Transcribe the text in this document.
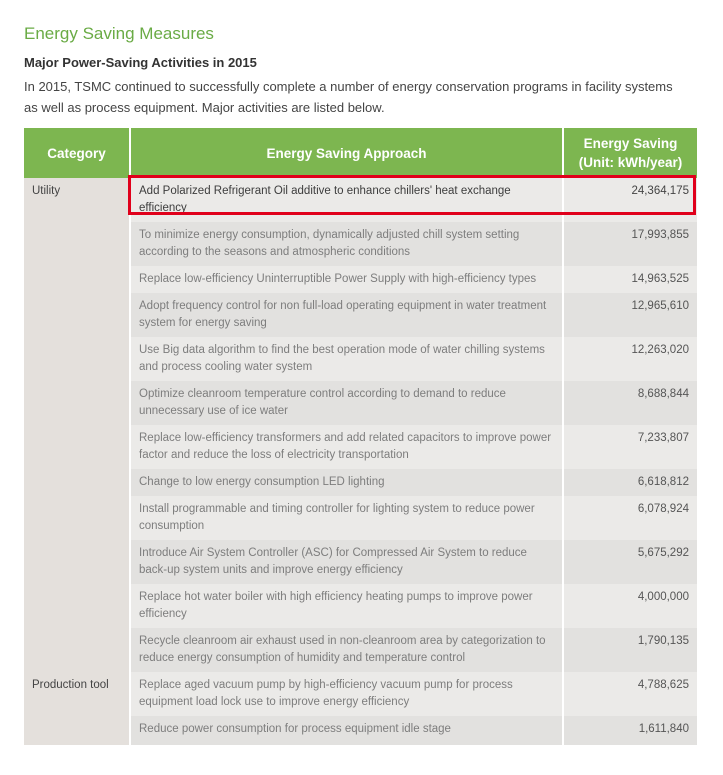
Energy Saving Measures
Major Power-Saving Activities in 2015

In 2015, TSMC continued to successfully complete a number of energy conservation programs in facility systems as well as process equipment. Major activities are listed below.

Category	Energy Saving Approach	Energy Saving
(Unit: kWh/year)

Utility	Add Polarized Refrigerant Oil additive to enhance chillers' heat exchange efficiency	24,364,175
	To minimize energy consumption, dynamically adjusted chill system setting according to the seasons and atmospheric conditions	17,993,855
	Replace low-efficiency Uninterruptible Power Supply with high-efficiency types	14,963,525
	Adopt frequency control for non full-load operating equipment in water treatment system for energy saving	12,965,610
	Use Big data algorithm to find the best operation mode of water chilling systems and process cooling water system	12,263,020
	Optimize cleanroom temperature control according to demand to reduce unnecessary use of ice water	8,688,844
	Replace low-efficiency transformers and add related capacitors to improve power factor and reduce the loss of electricity transportation	7,233,807
	Change to low energy consumption LED lighting	6,618,812
	Install programmable and timing controller for lighting system to reduce power consumption	6,078,924
	Introduce Air System Controller (ASC) for Compressed Air System to reduce back-up system units and improve energy efficiency	5,675,292
	Replace hot water boiler with high efficiency heating pumps to improve power efficiency	4,000,000
	Recycle cleanroom air exhaust used in non-cleanroom area by categorization to reduce energy consumption of humidity and temperature control	1,790,135
Production tool	Replace aged vacuum pump by high-efficiency vacuum pump for process equipment load lock use to improve energy efficiency	4,788,625
	Reduce power consumption for process equipment idle stage	1,611,840
